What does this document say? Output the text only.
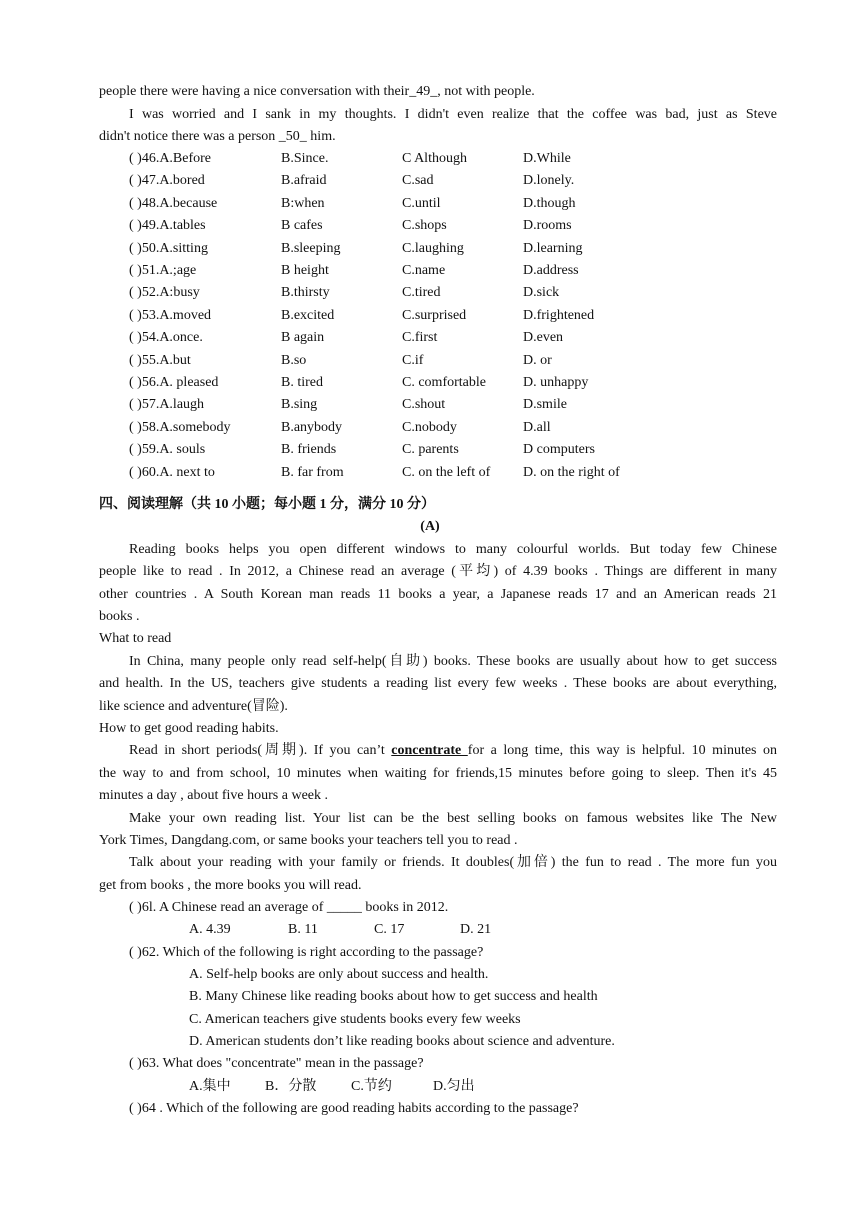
people there were having a nice conversation with their_49_, not with people.
I was worried and I sank in my thoughts. I didn't even realize that the coffee was bad, just as Steve
didn't notice there was a person _50_ him.
( )46.A.Before	B.Since.	C Although	D.While
( )47.A.bored	B.afraid	C.sad	D.lonely.
( )48.A.because	B:when	C.until	D.though
( )49.A.tables	B cafes	C.shops	D.rooms
( )50.A.sitting	B.sleeping	C.laughing	D.learning
( )51.A.;age	B height	C.name	D.address
( )52.A:busy	B.thirsty	C.tired	D.sick
( )53.A.moved	B.excited	C.surprised	D.frightened
( )54.A.once.	B again	C.first	D.even
( )55.A.but	B.so	C.if	D. or
( )56.A. pleased	B. tired	C. comfortable	D. unhappy
( )57.A.laugh	B.sing	C.shout	D.smile
( )58.A.somebody	B.anybody	C.nobody	D.all
( )59.A. souls	B. friends	C. parents	D computers
( )60.A. next to	B. far from	C. on the left of D. on the right of
四、阅读理解（共 10 小题；每小题 1 分，满分 10 分）
(A)
Reading books helps you open different windows to many colourful worlds. But today few Chinese
people like to read . In 2012, a Chinese read an average (平均) of 4.39 books . Things are different in many
other countries . A South Korean man reads 11 books a year, a Japanese reads 17 and an American reads 21
books .
What to read
In China, many people only read self-help(自助) books. These books are usually about how to get success
and health. In the US, teachers give students a reading list every few weeks . These books are about everything,
like science and adventure(冒险).
How to get good reading habits.
Read in short periods(周期). If you can’t concentrate for a long time, this way is helpful. 10 minutes on
the way to and from school, 10 minutes when waiting for friends,15 minutes before going to sleep. Then it's 45
minutes a day , about five hours a week .
Make your own reading list. Your list can be the best selling books on famous websites like The New
York Times, Dangdang.com, or same books your teachers tell you to read .
Talk about your reading with your family or friends. It doubles(加倍) the fun to read . The more fun you
get from books , the more books you will read.
( )6l. A Chinese read an average of _____ books in 2012.
A. 4.39	B. 11	C. 17	D. 21
( )62. Which of the following is right according to the passage?
A. Self-help books are only about success and health.
B. Many Chinese like reading books about how to get success and health
C. American teachers give students books every few weeks
D. American students don’t like reading books about science and adventure.
( )63. What does "concentrate" mean in the passage?
A.集中 B．分散 C.节约	D.匀出
( )64 . Which of the following are good reading habits according to the passage?
